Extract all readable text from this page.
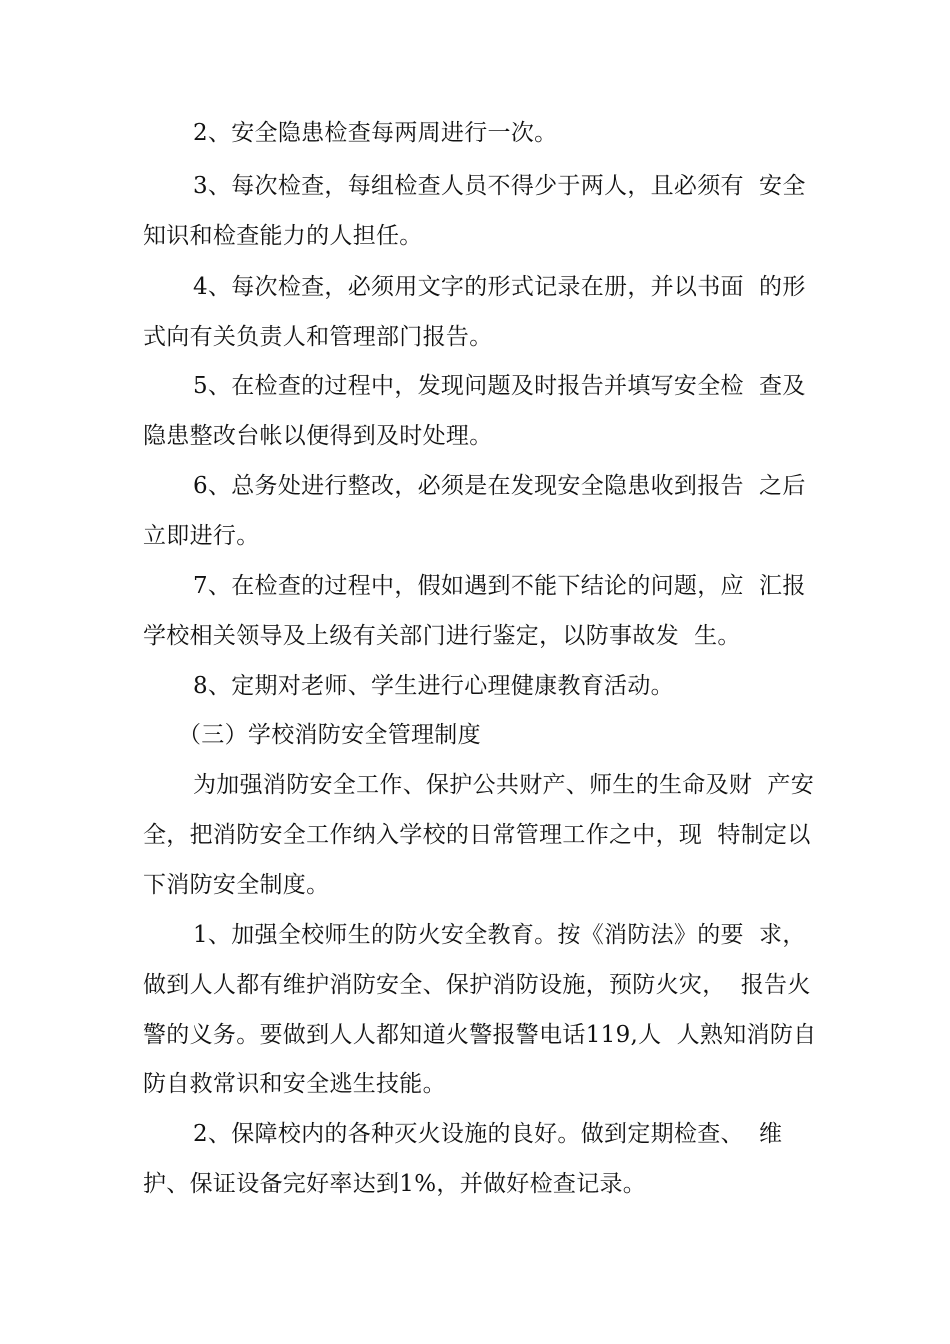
2、安全隐患检查每两周进行一次。
3、每次检查，每组检查人员不得少于两人，且必须有  安全
知识和检查能力的人担任。
4、每次检查，必须用文字的形式记录在册，并以书面  的形
式向有关负责人和管理部门报告。
5、在检查的过程中，发现问题及时报告并填写安全检  查及
隐患整改台帐以便得到及时处理。
6、总务处进行整改，必须是在发现安全隐患收到报告  之后
立即进行。
7、在检查的过程中，假如遇到不能下结论的问题，应  汇报
学校相关领导及上级有关部门进行鉴定，以防事故发  生。
8、定期对老师、学生进行心理健康教育活动。
（三）学校消防安全管理制度
为加强消防安全工作、保护公共财产、师生的生命及财  产安
全，把消防安全工作纳入学校的日常管理工作之中，现  特制定以
下消防安全制度。
1、加强全校师生的防火安全教育。按《消防法》的要  求，
做到人人都有维护消防安全、保护消防设施，预防火灾，  报告火
警的义务。要做到人人都知道火警报警电话119,人  人熟知消防自
防自救常识和安全逃生技能。
2、保障校内的各种灭火设施的良好。做到定期检查、  维
护、保证设备完好率达到1%，并做好检查记录。
